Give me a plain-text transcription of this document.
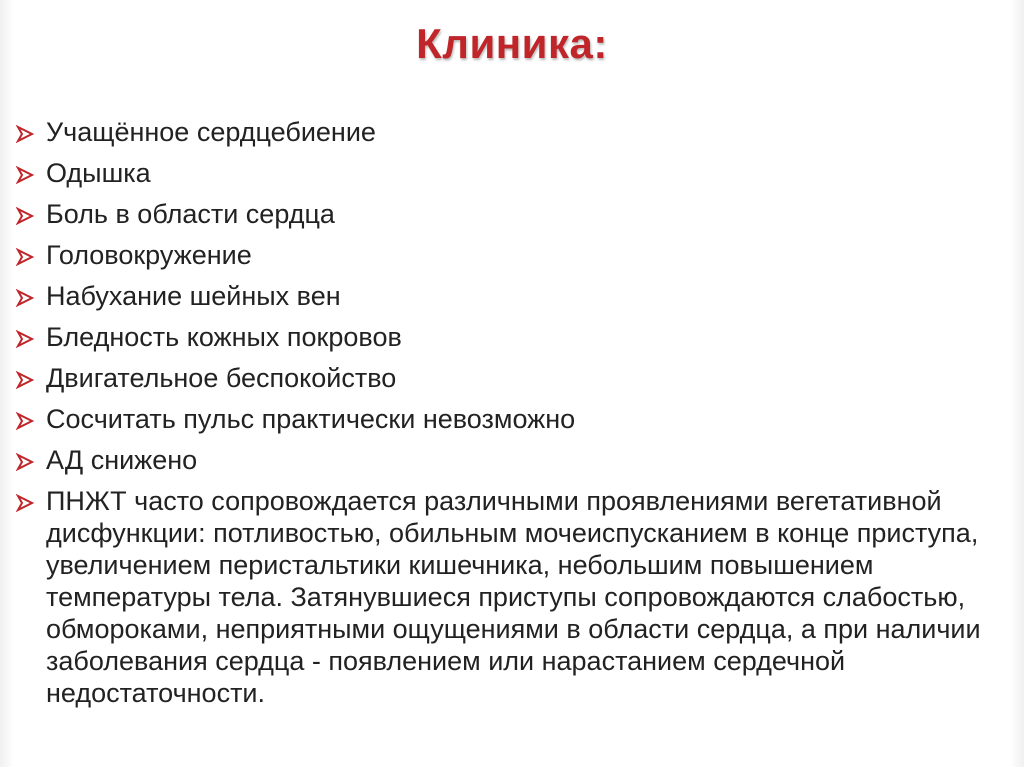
Клиника:
Учащённое сердцебиение
Одышка
Боль в области сердца
Головокружение
Набухание шейных вен
Бледность кожных покровов
Двигательное беспокойство
Сосчитать пульс практически невозможно
АД снижено
ПНЖТ часто сопровождается различными проявлениями вегетативной дисфункции: потливостью, обильным мочеиспусканием в конце приступа, увеличением перистальтики кишечника, небольшим повышением температуры тела. Затянувшиеся приступы сопровождаются слабостью, обмороками, неприятными ощущениями в области сердца, а при наличии заболевания сердца - появлением или нарастанием сердечной недостаточности.
